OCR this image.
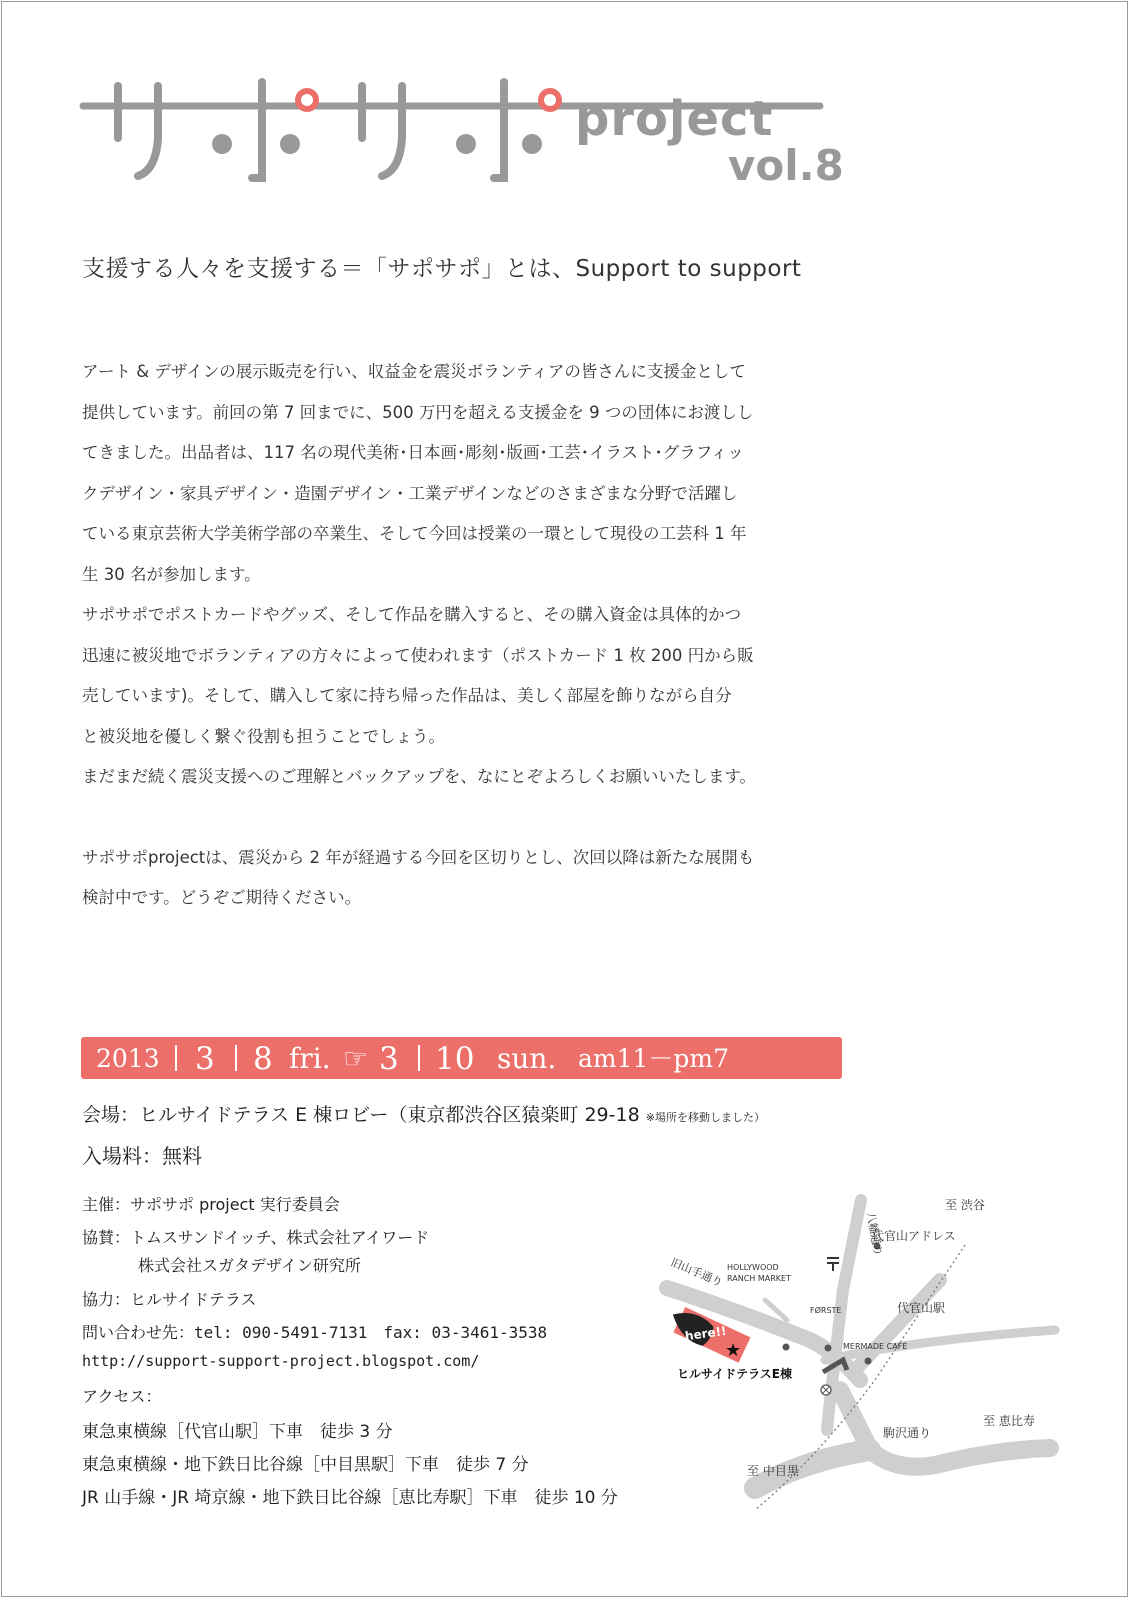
project
vol.8
支援する人々を支援する＝「サポサポ」とは、Support to support

アート & デザインの展示販売を行い、収益金を震災ボランティアの皆さんに支援金として

提供しています。前回の第 7 回までに、500 万円を超える支援金を 9 つの団体にお渡しし

てきました。出品者は、117 名の現代美術･日本画･彫刻･版画･工芸･イラスト･グラフィッ

クデザイン・家具デザイン・造園デザイン・工業デザインなどのさまざまな分野で活躍し

ている東京芸術大学美術学部の卒業生、そして今回は授業の一環として現役の工芸科 1 年

生 30 名が参加します。

サポサポでポストカードやグッズ、そして作品を購入すると、その購入資金は具体的かつ

迅速に被災地でボランティアの方々によって使われます（ポストカード 1 枚 200 円から販

売しています)。そして、購入して家に持ち帰った作品は、美しく部屋を飾りながら自分

と被災地を優しく繋ぐ役割も担うことでしょう。

まだまだ続く震災支援へのご理解とバックアップを、なにとぞよろしくお願いいたします。

サポサポprojectは、震災から 2 年が経過する今回を区切りとし、次回以降は新たな展開も

検討中です。どうぞご期待ください。

2013 3 8 fri. ☞ 3 10 sun. am11－pm7
会場：ヒルサイドテラス E 棟ロビー（東京都渋谷区猿楽町 29-18 ※場所を移動しました）
入場料：無料
主催：サポサポ project 実行委員会
協賛：トムスサンドイッチ、株式会社アイワード
株式会社スガタデザイン研究所
協力：ヒルサイドテラス
問い合わせ先：tel: 090-5491-7131　fax: 03-3461-3538
http://support-support-project.blogspot.com/
アクセス：
東急東横線［代官山駅］下車　徒歩 3 分
東急東横線・地下鉄日比谷線［中目黒駅］下車　徒歩 7 分
JR 山手線・JR 埼京線・地下鉄日比谷線［恵比寿駅］下車　徒歩 10 分
here!!
★
至 渋谷
代官山アドレス
HOLLYWOOD
RANCH MARKET
FØRSTE	代官山駅
MERMADE CAFÉ
ヒルサイドテラスE棟
至 恵比寿
駒沢通り
至 中目黒
旧山手通り
八幡通り
